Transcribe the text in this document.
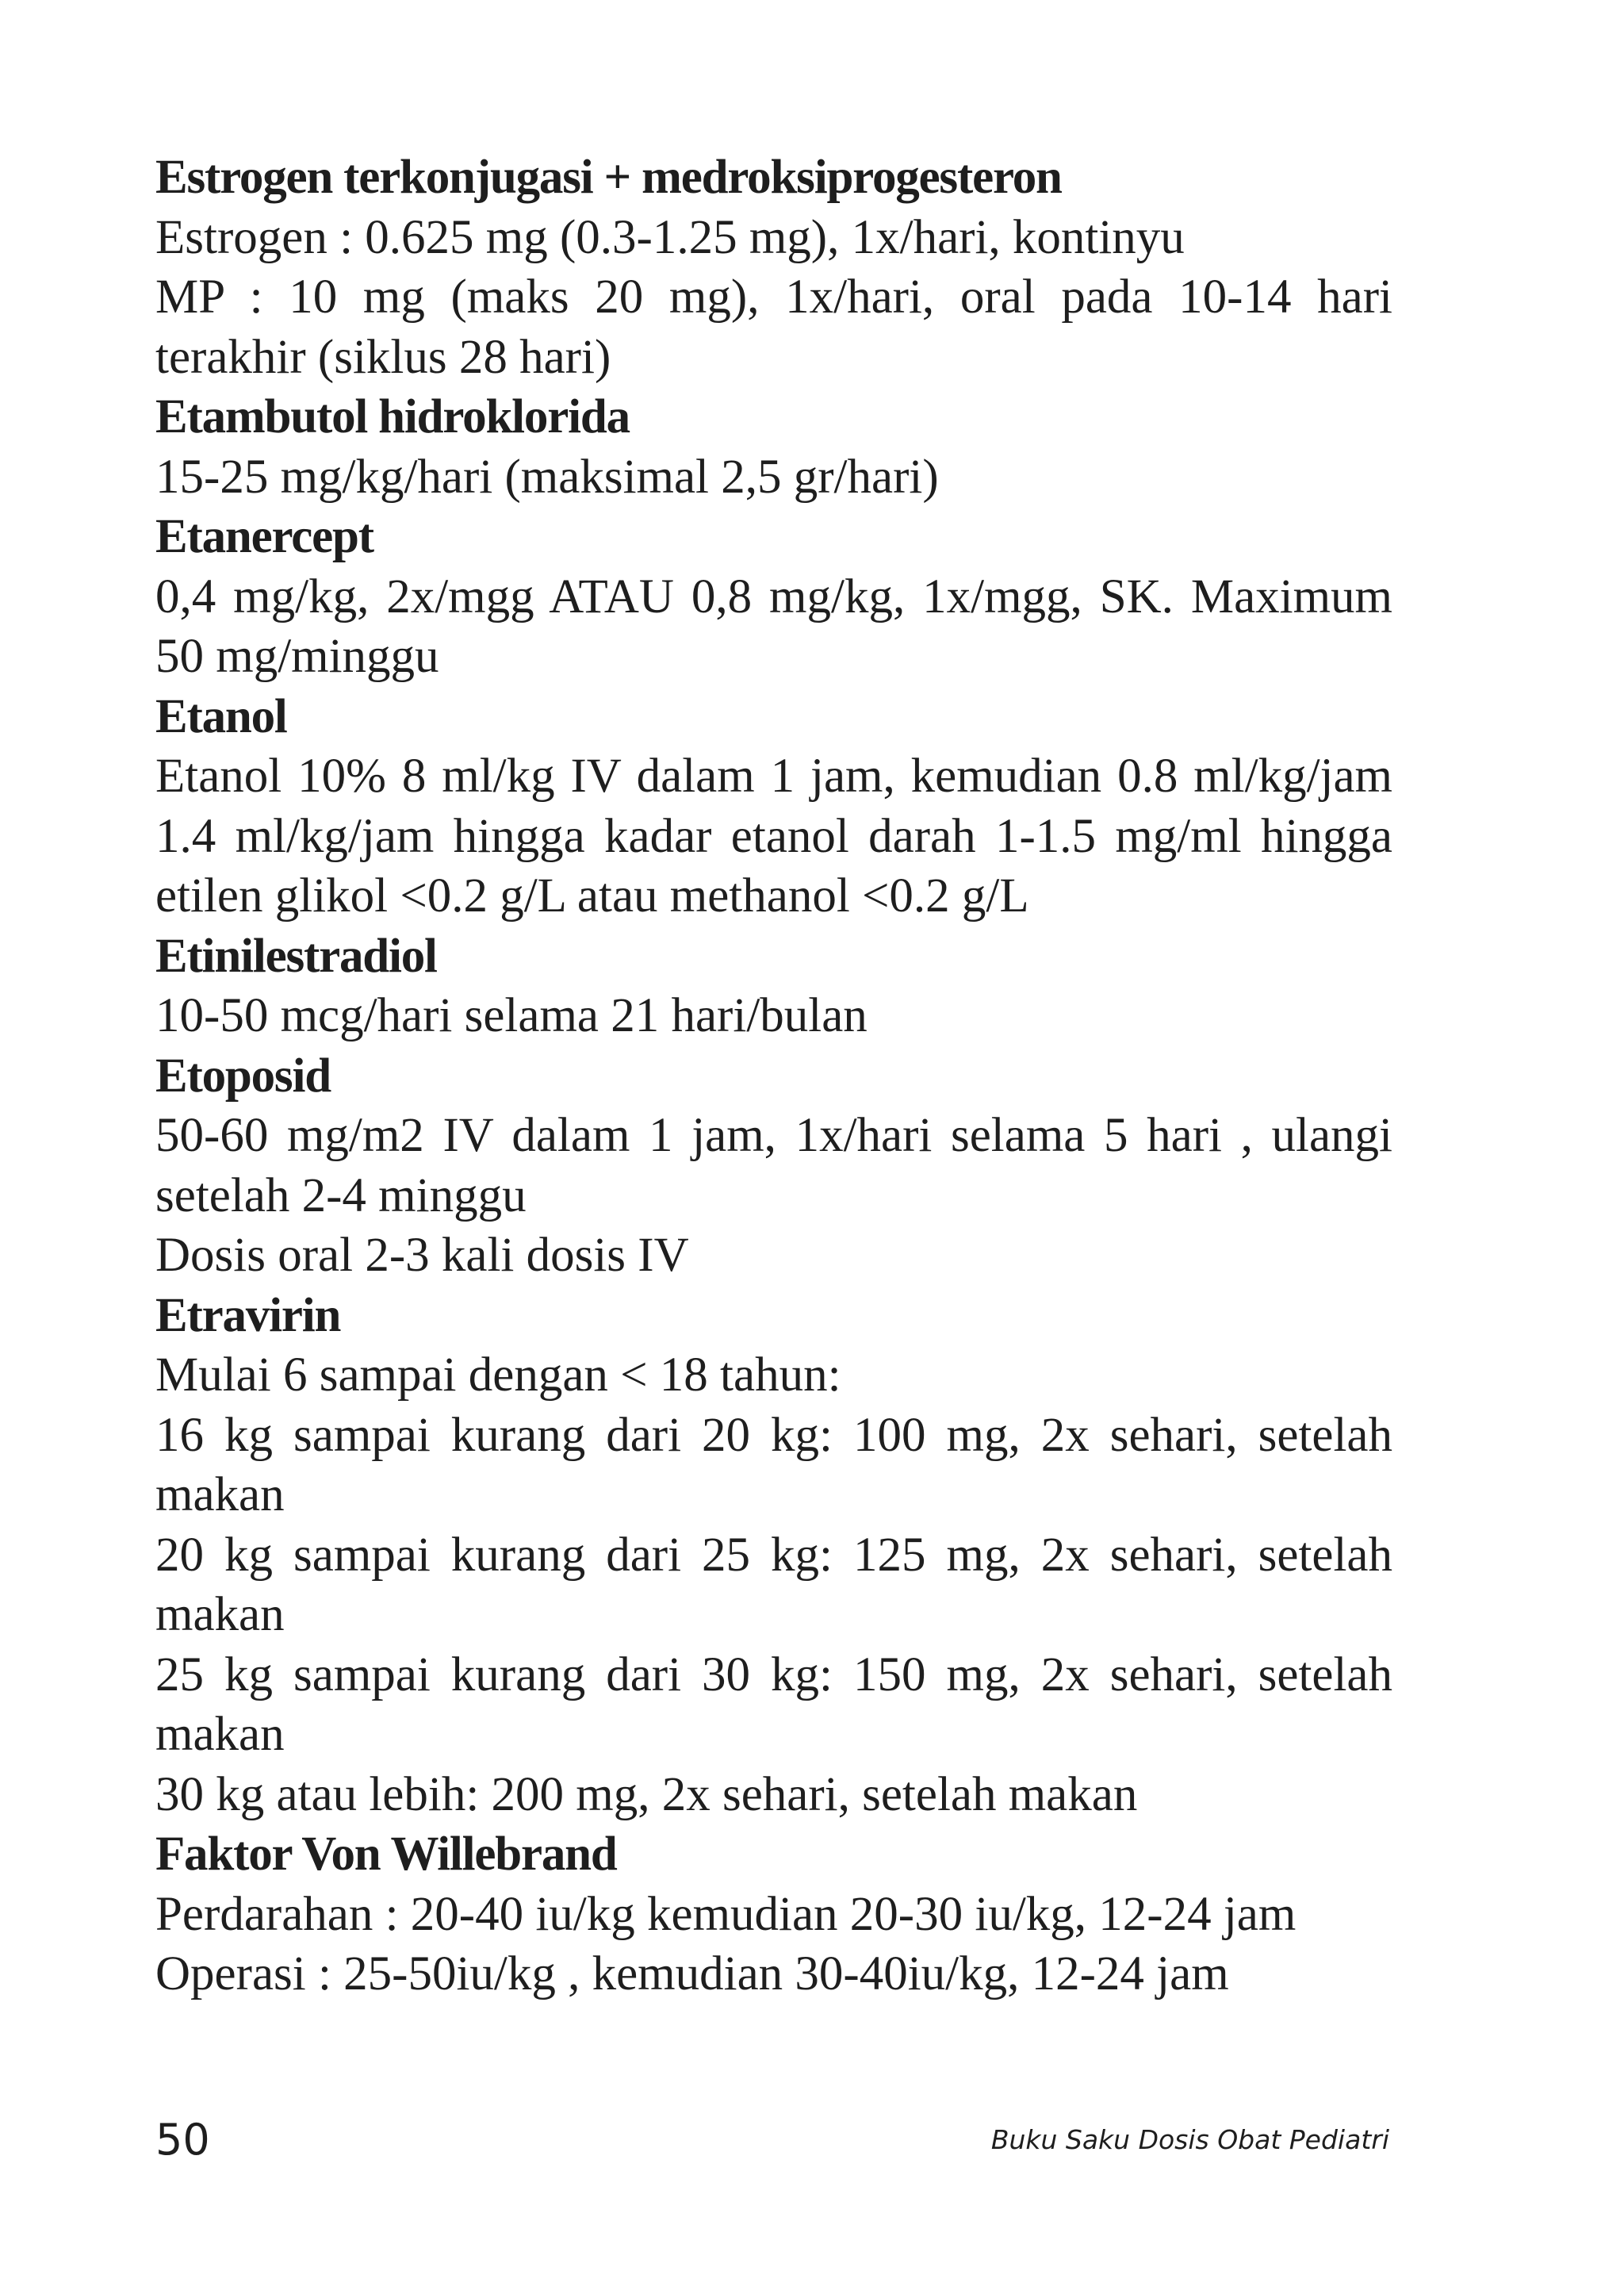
Estrogen terkonjugasi + medroksiprogesteron
Estrogen : 0.625 mg (0.3-1.25 mg), 1x/hari, kontinyu
MP : 10 mg (maks 20 mg), 1x/hari, oral pada 10-14 hari terakhir (siklus 28 hari)
Etambutol hidroklorida
15-25 mg/kg/hari (maksimal 2,5 gr/hari)
Etanercept
0,4 mg/kg, 2x/mgg ATAU 0,8 mg/kg, 1x/mgg, SK. Maximum 50 mg/minggu
Etanol
Etanol 10% 8 ml/kg IV dalam 1 jam, kemudian 0.8 ml/kg/jam 1.4 ml/kg/jam hingga kadar etanol darah 1-1.5 mg/ml hingga etilen glikol <0.2 g/L atau methanol <0.2 g/L
Etinilestradiol
10-50 mcg/hari selama 21 hari/bulan
Etoposid
50-60 mg/m2 IV dalam 1 jam, 1x/hari selama 5 hari , ulangi setelah 2-4 minggu
Dosis oral 2-3 kali dosis IV
Etravirin
Mulai 6 sampai dengan < 18 tahun:
16 kg sampai kurang dari 20 kg: 100 mg, 2x sehari, setelah makan
20 kg sampai kurang dari 25 kg: 125 mg, 2x sehari, setelah makan
25 kg sampai kurang dari 30 kg: 150 mg, 2x sehari, setelah makan
30 kg atau lebih: 200 mg, 2x sehari, setelah makan
Faktor Von Willebrand
Perdarahan : 20-40 iu/kg kemudian 20-30 iu/kg, 12-24 jam
Operasi : 25-50iu/kg , kemudian 30-40iu/kg, 12-24 jam
50	Buku Saku Dosis Obat Pediatri
